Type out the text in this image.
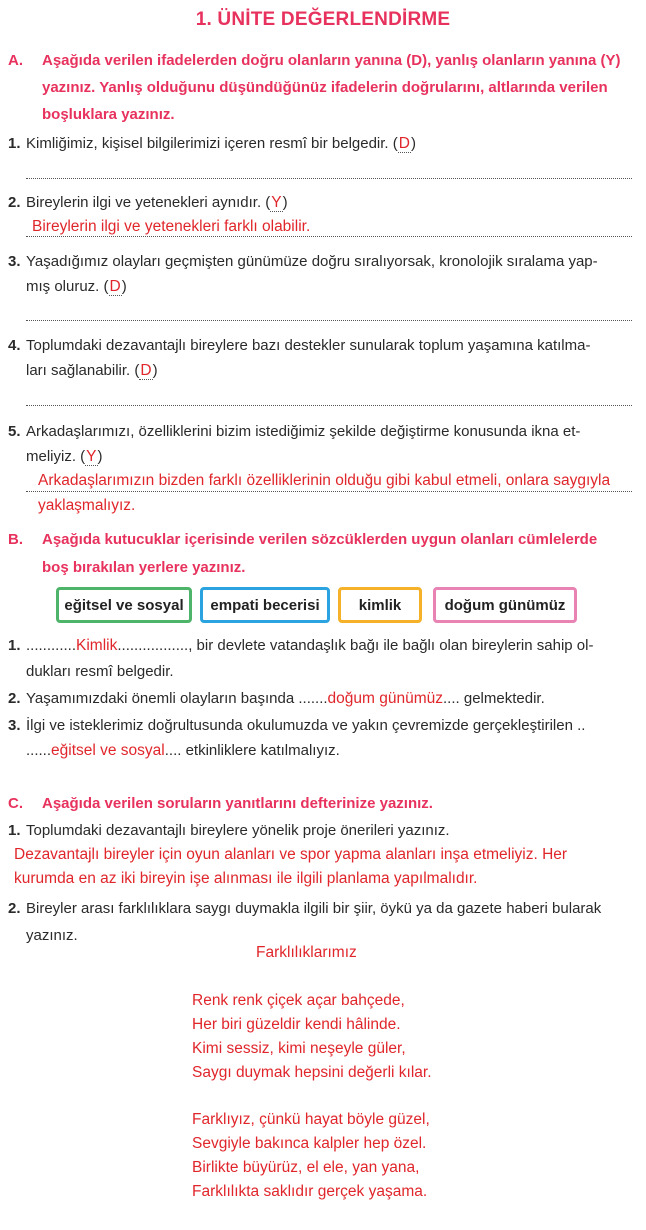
1. ÜNİTE DEĞERLENDİRME
A. Aşağıda verilen ifadelerden doğru olanların yanına (D), yanlış olanların yanına (Y)
yazınız. Yanlış olduğunu düşündüğünüz ifadelerin doğrularını, altlarında verilen
boşluklara yazınız.
1. Kimliğimiz, kişisel bilgilerimizi içeren resmî bir belgedir. (D)
2. Bireylerin ilgi ve yetenekleri aynıdır. (Y)
Bireylerin ilgi ve yetenekleri farklı olabilir.
3. Yaşadığımız olayları geçmişten günümüze doğru sıralıyorsak, kronolojik sıralama yap-
mış oluruz. (D)
4. Toplumdaki dezavantajlı bireylere bazı destekler sunularak toplum yaşamına katılma-
ları sağlanabilir. (D)
5. Arkadaşlarımızı, özelliklerini bizim istediğimiz şekilde değiştirme konusunda ikna et-
meliyiz. (Y)
Arkadaşlarımızın bizden farklı özelliklerinin olduğu gibi kabul etmeli, onlara saygıyla
yaklaşmalıyız.
B. Aşağıda kutucuklar içerisinde verilen sözcüklerden uygun olanları cümlelerde
boş bırakılan yerlere yazınız.
eğitsel ve sosyal	empati becerisi	kimlik	doğum günümüz
1. ............Kimlik................., bir devlete vatandaşlık bağı ile bağlı olan bireylerin sahip ol-
dukları resmî belgedir.
2. Yaşamımızdaki önemli olayların başında .......doğum günümüz.... gelmektedir.
3. İlgi ve isteklerimiz doğrultusunda okulumuzda ve yakın çevremizde gerçekleştirilen ..
......eğitsel ve sosyal.... etkinliklere katılmalıyız.
C. Aşağıda verilen soruların yanıtlarını defterinize yazınız.
1. Toplumdaki dezavantajlı bireylere yönelik proje önerileri yazınız.
Dezavantajlı bireyler için oyun alanları ve spor yapma alanları inşa etmeliyiz. Her
kurumda en az iki bireyin işe alınması ile ilgili planlama yapılmalıdır.
2. Bireyler arası farklılıklara saygı duymakla ilgili bir şiir, öykü ya da gazete haberi bularak
yazınız.
Farklılıklarımız
Renk renk çiçek açar bahçede,
Her biri güzeldir kendi hâlinde.
Kimi sessiz, kimi neşeyle güler,
Saygı duymak hepsini değerli kılar.
Farklıyız, çünkü hayat böyle güzel,
Sevgiyle bakınca kalpler hep özel.
Birlikte büyürüz, el ele, yan yana,
Farklılıkta saklıdır gerçek yaşama.
